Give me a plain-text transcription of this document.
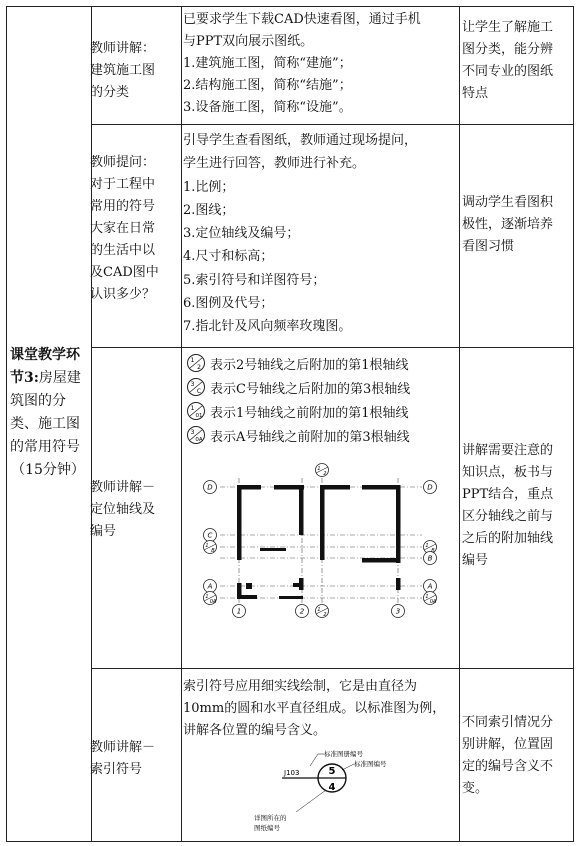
课堂教学环节3:房屋建筑图的分类、施工图的常用符号
（15分钟）
教师讲解：
建筑施工图
的分类
已要求学生下载CAD快速看图，通过手机
与PPT双向展示图纸。
1.建筑施工图，简称“建施”；
2.结构施工图，简称“结施”；
3.设备施工图，简称“设施”。
让学生了解施工
图分类，能分辨
不同专业的图纸
特点
教师提问：
对于工程中
常用的符号
大家在日常
的生活中以
及CAD图中
认识多少？
引导学生查看图纸，教师通过现场提问，
学生进行回答，教师进行补充。
1.比例；
2.图线；
3.定位轴线及编号；
4.尺寸和标高；
5.索引符号和详图符号；
6.图例及代号；
7.指北针及风向频率玫瑰图。
调动学生看图积
极性，逐渐培养
看图习惯
教师讲解－
定位轴线及
编号
1
2 表示2号轴线之后附加的第1根轴线
3
C 表示C号轴线之后附加的第3根轴线
1
01 表示1号轴线之前附加的第1根轴线
3
0A 表示A号轴线之前附加的第3根轴线
D
C
A
D
B
A
1	2	3
1
B
1
0A
1
2
1
B
1
0A
1
2
讲解需要注意的
知识点，板书与
PPT结合，重点
区分轴线之前与
之后的附加轴线
编号
教师讲解－
索引符号
索引符号应用细实线绘制，它是由直径为
10mm的圆和水平直径组成。以标准图为例，
讲解各位置的编号含义。
5
4
J103
标准图册编号
标准图编号
详图所在的
图纸编号
不同索引情况分
别讲解，位置固
定的编号含义不
变。
